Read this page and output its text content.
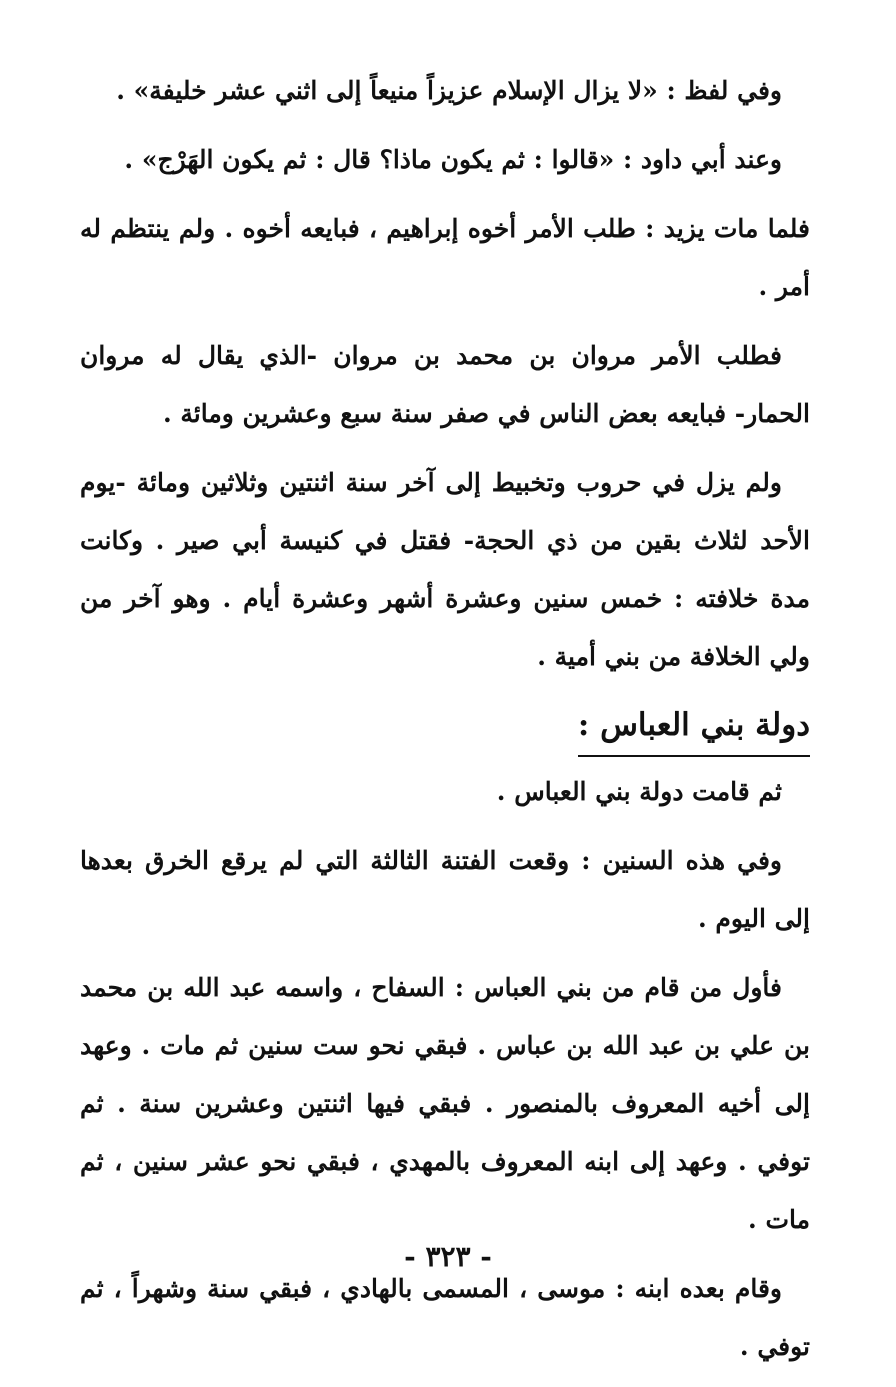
وفي لفظ : «لا يزال الإسلام عزيزاً منيعاً إلى اثني عشر خليفة» .

وعند أبي داود : «قالوا : ثم يكون ماذا؟ قال : ثم يكون الهَرْج» .

فلما مات يزيد : طلب الأمر أخوه إبراهيم ، فبايعه أخوه . ولم ينتظم له أمر .

فطلب الأمر مروان بن محمد بن مروان -الذي يقال له مروان الحمار- فبايعه بعض الناس في صفر سنة سبع وعشرين ومائة .

ولم يزل في حروب وتخبيط إلى آخر سنة اثنتين وثلاثين ومائة -يوم الأحد لثلاث بقين من ذي الحجة- فقتل في كنيسة أبي صير . وكانت مدة خلافته : خمس سنين وعشرة أشهر وعشرة أيام . وهو آخر من ولي الخلافة من بني أمية .

دولة بني العباس :

ثم قامت دولة بني العباس .

وفي هذه السنين : وقعت الفتنة الثالثة التي لم يرقع الخرق بعدها إلى اليوم .

فأول من قام من بني العباس : السفاح ، واسمه عبد الله بن محمد بن علي بن عبد الله بن عباس . فبقي نحو ست سنين ثم مات . وعهد إلى أخيه المعروف بالمنصور . فبقي فيها اثنتين وعشرين سنة . ثم توفي . وعهد إلى ابنه المعروف بالمهدي ، فبقي نحو عشر سنين ، ثم مات .

وقام بعده ابنه : موسى ، المسمى بالهادي ، فبقي سنة وشهراً ، ثم توفي .

- ٣٢٣ -
